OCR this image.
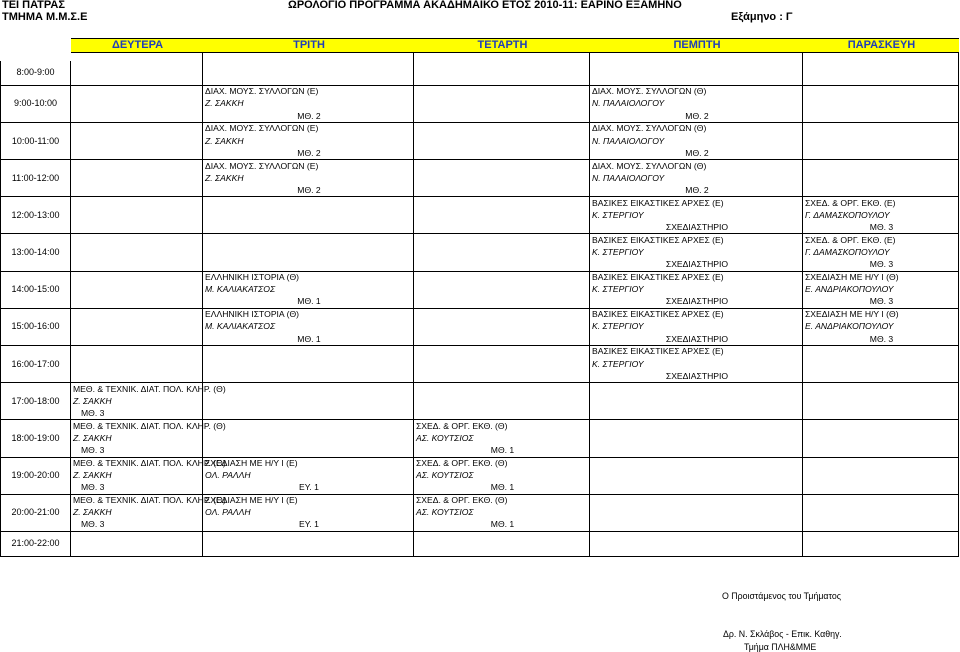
ΤΕΙ ΠΑΤΡΑΣ
ΤΜΗΜΑ Μ.Μ.Σ.Ε
ΩΡΟΛΟΓΙΟ ΠΡΟΓΡΑΜΜΑ ΑΚΑΔΗΜΑΙΚΟ ΕΤΟΣ 2010-11: ΕΑΡΙΝΟ ΕΞΑΜΗΝΟ
Εξάμηνο : Γ
	ΔΕΥΤΕΡΑ	ΤΡΙΤΗ	ΤΕΤΑΡΤΗ	ΠΕΜΠΤΗ	ΠΑΡΑΣΚΕΥΗ

8:00-9:00					

9:00-10:00		ΔΙΑΧ. ΜΟΥΣ. ΣΥΛΛΟΓΩΝ (Ε)		ΔΙΑΧ. ΜΟΥΣ. ΣΥΛΛΟΓΩΝ (Θ)	
		Ζ. ΣΑΚΚΗ		Ν. ΠΑΛΑΙΟΛΟΓΟΥ	
		ΜΘ. 2		ΜΘ. 2	
10:00-11:00		ΔΙΑΧ. ΜΟΥΣ. ΣΥΛΛΟΓΩΝ (Ε)		ΔΙΑΧ. ΜΟΥΣ. ΣΥΛΛΟΓΩΝ (Θ)	
		Ζ. ΣΑΚΚΗ		Ν. ΠΑΛΑΙΟΛΟΓΟΥ	
		ΜΘ. 2		ΜΘ. 2	
11:00-12:00		ΔΙΑΧ. ΜΟΥΣ. ΣΥΛΛΟΓΩΝ (Ε)		ΔΙΑΧ. ΜΟΥΣ. ΣΥΛΛΟΓΩΝ (Θ)	
		Ζ. ΣΑΚΚΗ		Ν. ΠΑΛΑΙΟΛΟΓΟΥ	
		ΜΘ. 2		ΜΘ. 2	
12:00-13:00				ΒΑΣΙΚΕΣ ΕΙΚΑΣΤΙΚΕΣ ΑΡΧΕΣ (Ε)	ΣΧΕΔ. & ΟΡΓ. ΕΚΘ. (Ε)
				Κ. ΣΤΕΡΓΙΟΥ	Γ. ΔΑΜΑΣΚΟΠΟΥΛΟΥ
				ΣΧΕΔΙΑΣΤΗΡΙΟ	ΜΘ. 3
13:00-14:00				ΒΑΣΙΚΕΣ ΕΙΚΑΣΤΙΚΕΣ ΑΡΧΕΣ (Ε)	ΣΧΕΔ. & ΟΡΓ. ΕΚΘ. (Ε)
				Κ. ΣΤΕΡΓΙΟΥ	Γ. ΔΑΜΑΣΚΟΠΟΥΛΟΥ
				ΣΧΕΔΙΑΣΤΗΡΙΟ	ΜΘ. 3
14:00-15:00		ΕΛΛΗΝΙΚΗ ΙΣΤΟΡΙΑ (Θ)		ΒΑΣΙΚΕΣ ΕΙΚΑΣΤΙΚΕΣ ΑΡΧΕΣ (Ε)	ΣΧΕΔΙΑΣΗ ΜΕ Η/Υ Ι (Θ)
		Μ. ΚΑΛΙΑΚΑΤΣΟΣ		Κ. ΣΤΕΡΓΙΟΥ	Ε. ΑΝΔΡΙΑΚΟΠΟΥΛΟΥ
		ΜΘ. 1		ΣΧΕΔΙΑΣΤΗΡΙΟ	ΜΘ. 3
15:00-16:00		ΕΛΛΗΝΙΚΗ ΙΣΤΟΡΙΑ (Θ)		ΒΑΣΙΚΕΣ ΕΙΚΑΣΤΙΚΕΣ ΑΡΧΕΣ (Ε)	ΣΧΕΔΙΑΣΗ ΜΕ Η/Υ Ι (Θ)
		Μ. ΚΑΛΙΑΚΑΤΣΟΣ		Κ. ΣΤΕΡΓΙΟΥ	Ε. ΑΝΔΡΙΑΚΟΠΟΥΛΟΥ
		ΜΘ. 1		ΣΧΕΔΙΑΣΤΗΡΙΟ	ΜΘ. 3
16:00-17:00				ΒΑΣΙΚΕΣ ΕΙΚΑΣΤΙΚΕΣ ΑΡΧΕΣ (Ε)	
				Κ. ΣΤΕΡΓΙΟΥ	
				ΣΧΕΔΙΑΣΤΗΡΙΟ	
17:00-18:00	ΜΕΘ. & ΤΕΧΝΙΚ. ΔΙΑΤ. ΠΟΛ. ΚΛΗΡ. (Θ)				
	Ζ. ΣΑΚΚΗ				
	ΜΘ. 3				
18:00-19:00	ΜΕΘ. & ΤΕΧΝΙΚ. ΔΙΑΤ. ΠΟΛ. ΚΛΗΡ. (Θ)		ΣΧΕΔ. & ΟΡΓ. ΕΚΘ. (Θ)		
	Ζ. ΣΑΚΚΗ		ΑΣ. ΚΟΥΤΣΙΟΣ		
	ΜΘ. 3		ΜΘ. 1		
19:00-20:00	ΜΕΘ. & ΤΕΧΝΙΚ. ΔΙΑΤ. ΠΟΛ. ΚΛΗΡ. (Θ)	ΣΧΕΔΙΑΣΗ ΜΕ Η/Υ Ι (Ε)	ΣΧΕΔ. & ΟΡΓ. ΕΚΘ. (Θ)		
	Ζ. ΣΑΚΚΗ	ΟΛ. ΡΑΛΛΗ	ΑΣ. ΚΟΥΤΣΙΟΣ		
	ΜΘ. 3	ΕΥ. 1	ΜΘ. 1		
20:00-21:00	ΜΕΘ. & ΤΕΧΝΙΚ. ΔΙΑΤ. ΠΟΛ. ΚΛΗΡ. (Θ)	ΣΧΕΔΙΑΣΗ ΜΕ Η/Υ Ι (Ε)	ΣΧΕΔ. & ΟΡΓ. ΕΚΘ. (Θ)		
	Ζ. ΣΑΚΚΗ	ΟΛ. ΡΑΛΛΗ	ΑΣ. ΚΟΥΤΣΙΟΣ		
	ΜΘ. 3	ΕΥ. 1	ΜΘ. 1		
21:00-22:00					
Ο Προιστάμενος του Τμήματος
Δρ. Ν. Σκλάβος - Επικ. Καθηγ.
Τμήμα ΠΛΗ&ΜΜΕ
